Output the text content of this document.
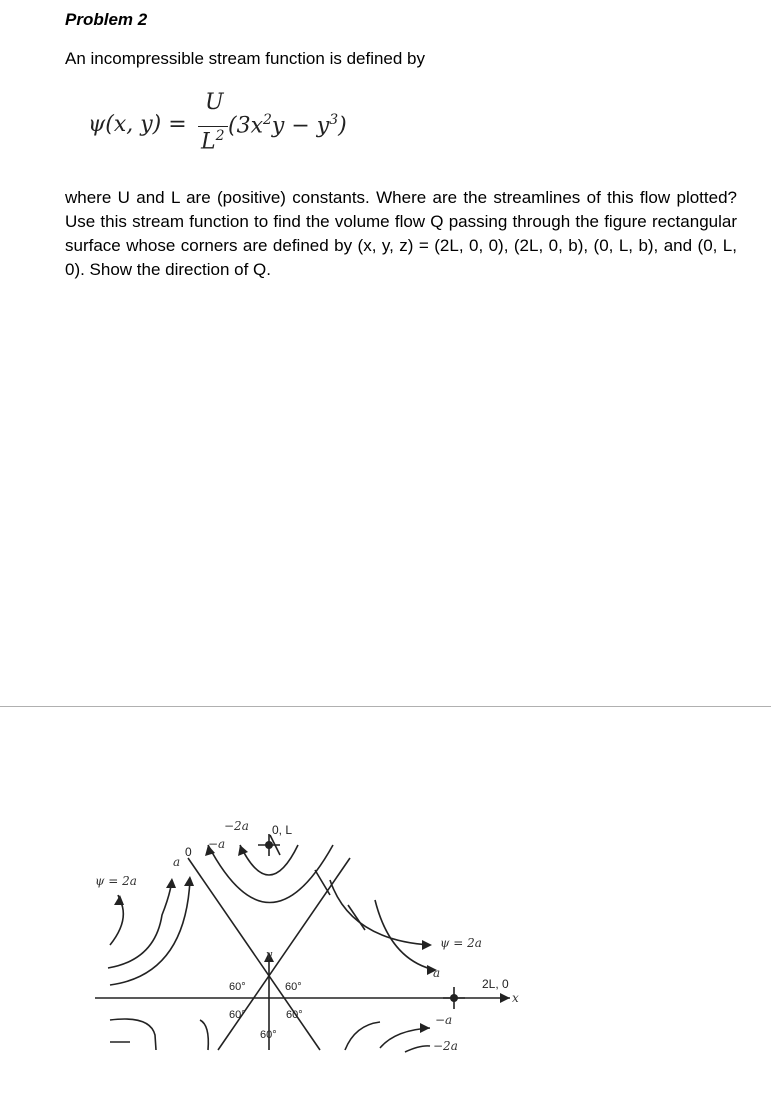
Problem 2
An incompressible stream function is defined by
ψ(x, y) =
U
$L^2$ $(3x^2y - y^3)$
where U and L are (positive) constants. Where are the streamlines of this flow plotted? Use this stream function to find the volume flow Q passing through the figure rectangular surface whose corners are defined by (x, y, z) = (2L, 0, 0), (2L, 0, b), (0, L, b), and (0, L, 0). Show the direction of Q.
ψ = 2a
a
0
−a
−2a 0, L
ψ = 2a
a
2L, 0
x
−a
−2a
y
60°	60°
60°	60°
60°
